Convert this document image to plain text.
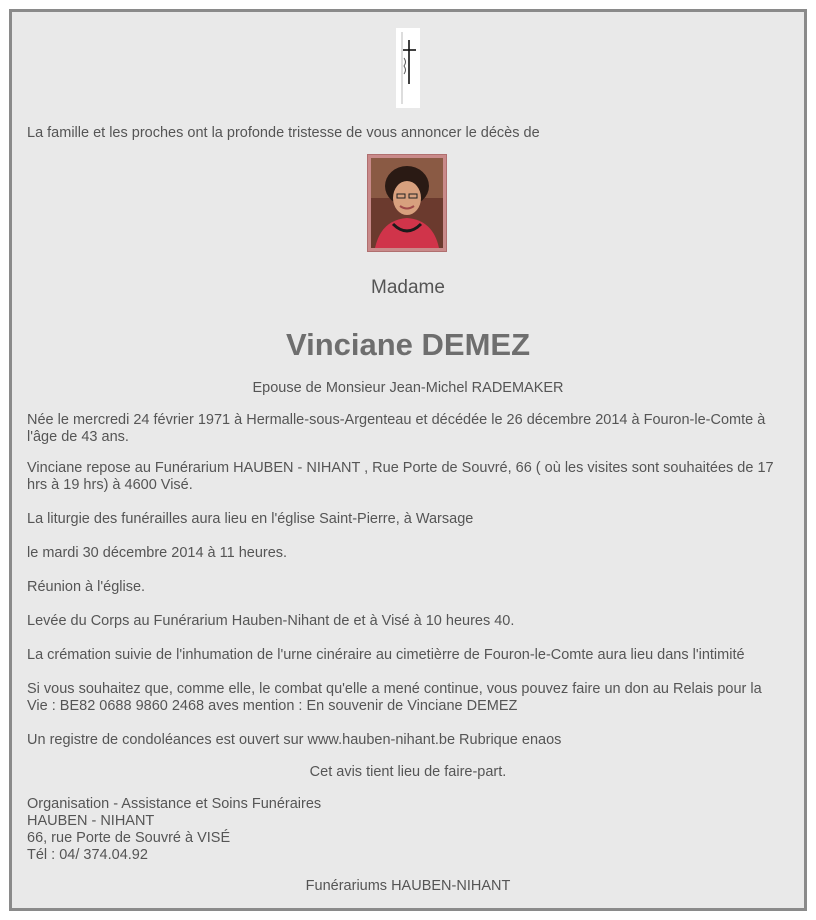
La famille et les proches ont la profonde tristesse de vous annoncer le décès de
Madame
Vinciane DEMEZ
Epouse de Monsieur Jean-Michel RADEMAKER
Née le mercredi 24 février 1971 à Hermalle-sous-Argenteau et décédée le 26 décembre 2014 à Fouron-le-Comte à l'âge de 43 ans.
Vinciane repose au Funérarium HAUBEN - NIHANT , Rue Porte de Souvré, 66 ( où les visites sont souhaitées de 17 hrs à 19 hrs) à 4600 Visé.
La liturgie des funérailles aura lieu en l'église Saint-Pierre, à Warsage
le mardi 30 décembre 2014 à 11 heures.
Réunion à l'église.
Levée du Corps au Funérarium Hauben-Nihant de et à Visé à 10 heures 40.
La crémation suivie de l'inhumation de l'urne cinéraire au cimetièrre de Fouron-le-Comte aura lieu dans l'intimité
Si vous souhaitez que, comme elle, le combat qu'elle a mené continue, vous pouvez faire un don au Relais pour la Vie : BE82 0688 9860 2468 aves mention : En souvenir de Vinciane DEMEZ
Un registre de condoléances est ouvert sur www.hauben-nihant.be Rubrique enaos
Cet avis tient lieu de faire-part.
Organisation - Assistance et Soins Funéraires
HAUBEN - NIHANT
66, rue Porte de Souvré à VISÉ
Tél : 04/ 374.04.92
Funérariums HAUBEN-NIHANT
